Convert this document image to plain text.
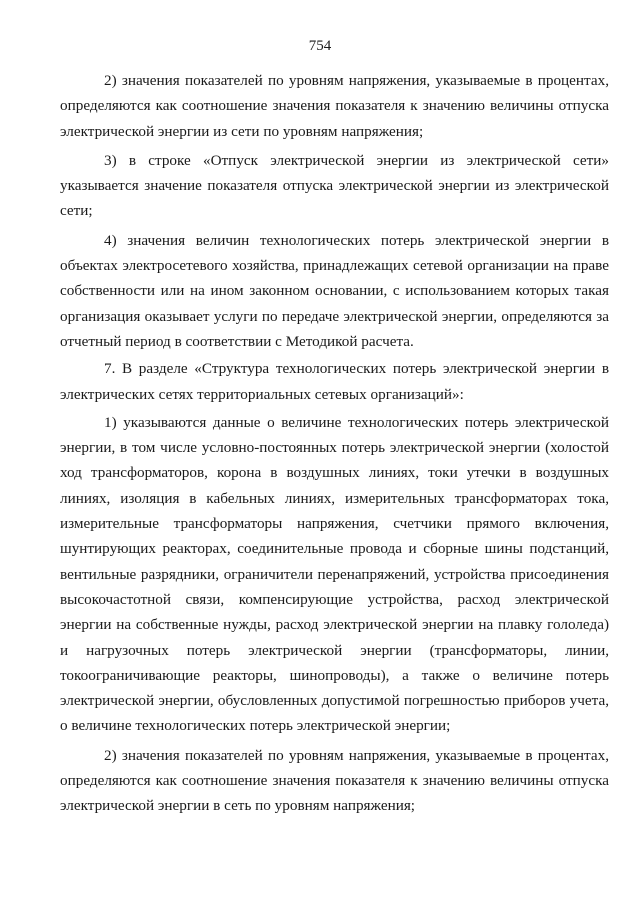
754
2) значения показателей по уровням напряжения, указываемые в процентах,
определяются как соотношение значения показателя к значению величины отпуска
электрической энергии из сети по уровням напряжения;
3) в строке «Отпуск электрической энергии из электрической сети»
указывается значение показателя отпуска электрической энергии из электрической
сети;
4) значения величин технологических потерь электрической энергии в
объектах электросетевого хозяйства, принадлежащих сетевой организации на праве
собственности или на ином законном основании, с использованием которых такая
организация оказывает услуги по передаче электрической энергии, определяются за
отчетный период в соответствии с Методикой расчета.
7. В разделе «Структура технологических потерь электрической энергии в
электрических сетях территориальных сетевых организаций»:
1) указываются данные о величине технологических потерь электрической
энергии, в том числе условно-постоянных потерь электрической энергии (холостой
ход трансформаторов, корона в воздушных линиях, токи утечки в воздушных
линиях, изоляция в кабельных линиях, измерительных трансформаторах тока,
измерительные трансформаторы напряжения, счетчики прямого включения,
шунтирующих реакторах, соединительные провода и сборные шины подстанций,
вентильные разрядники, ограничители перенапряжений, устройства присоединения
высокочастотной связи, компенсирующие устройства, расход электрической
энергии на собственные нужды, расход электрической энергии на плавку гололеда)
и нагрузочных потерь электрической энергии (трансформаторы, линии,
токоограничивающие реакторы, шинопроводы), а также о величине потерь
электрической энергии, обусловленных допустимой погрешностью приборов учета,
о величине технологических потерь электрической энергии;
2) значения показателей по уровням напряжения, указываемые в процентах,
определяются как соотношение значения показателя к значению величины отпуска
электрической энергии в сеть по уровням напряжения;
